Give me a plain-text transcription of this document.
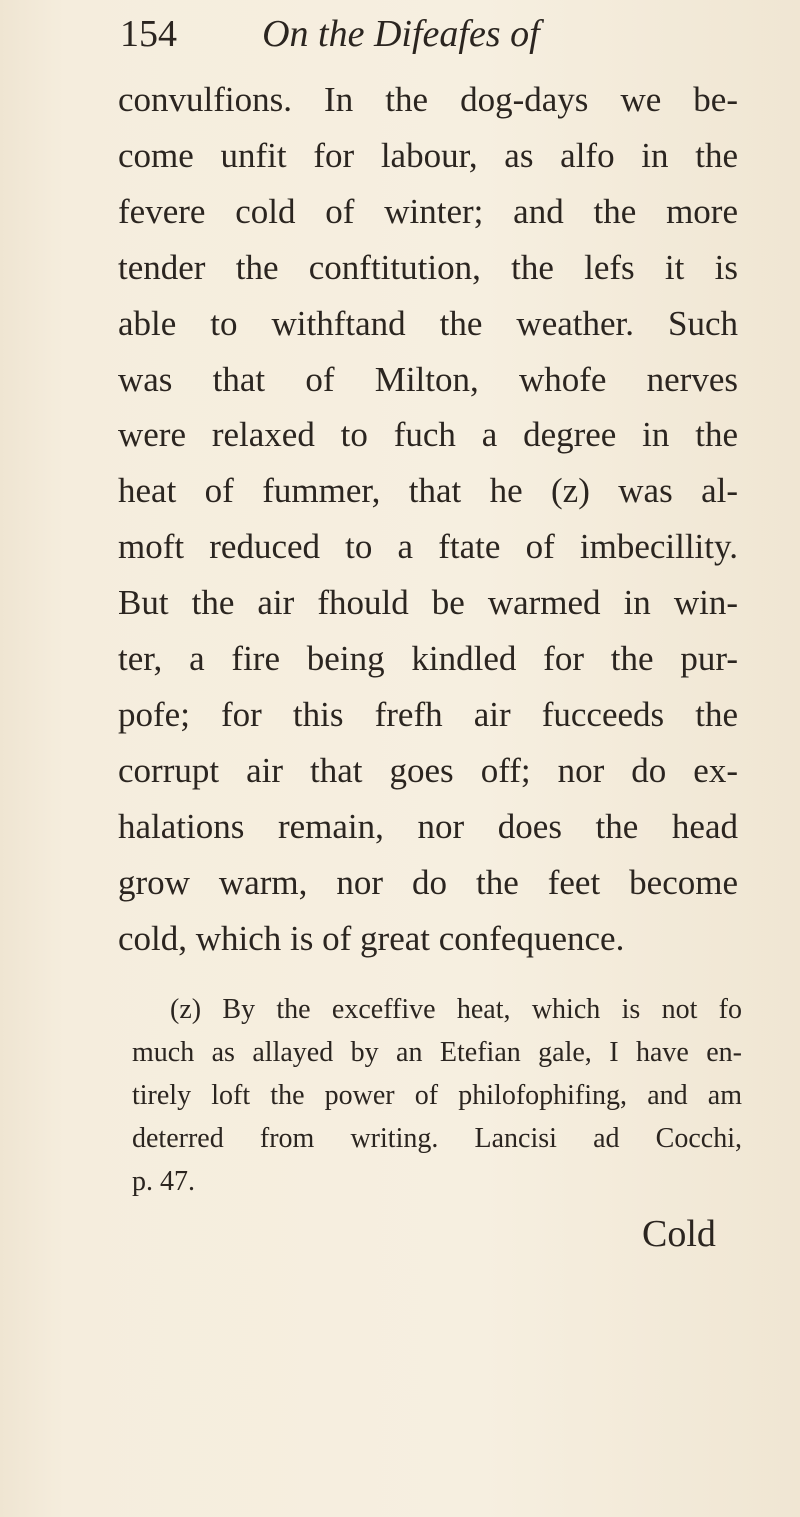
154 On the Difeafes of
convulfions. In the dog-days we be-
come unfit for labour, as alfo in the
fevere cold of winter; and the more
tender the conftitution, the lefs it is
able to withftand the weather. Such
was that of Milton, whofe nerves
were relaxed to fuch a degree in the
heat of fummer, that he (z) was al-
moft reduced to a ftate of imbecillity.
But the air fhould be warmed in win-
ter, a fire being kindled for the pur-
pofe; for this frefh air fucceeds the
corrupt air that goes off; nor do ex-
halations remain, nor does the head
grow warm, nor do the feet become
cold, which is of great confequence.
(z) By the exceffive heat, which is not fo
much as allayed by an Etefian gale, I have en-
tirely loft the power of philofophifing, and am
deterred from writing. Lancisi ad Cocchi,
p. 47.
Cold
